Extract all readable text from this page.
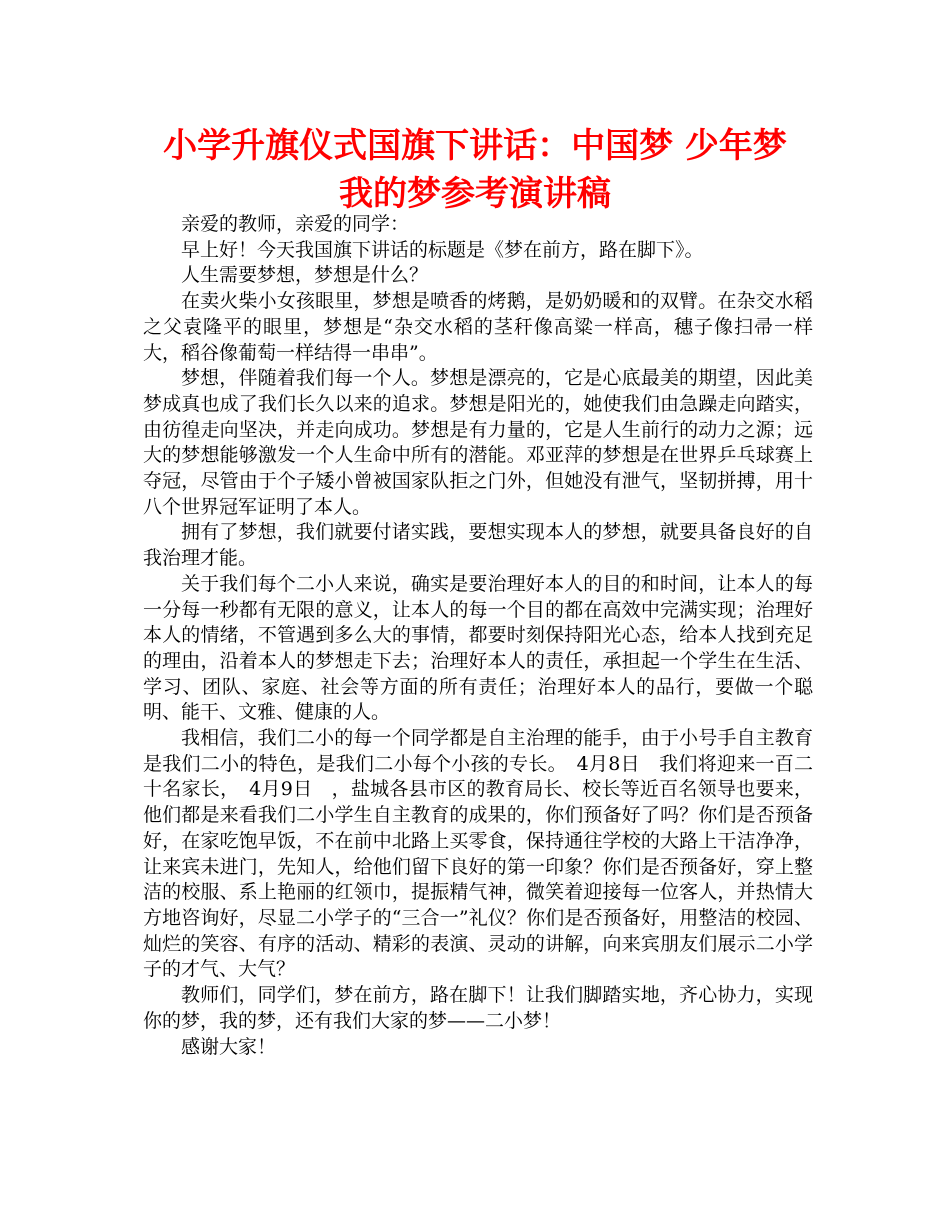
小学升旗仪式国旗下讲话：中国梦 少年梦
我的梦参考演讲稿

亲爱的教师，亲爱的同学：

早上好！今天我国旗下讲话的标题是《梦在前方，路在脚下》。

人生需要梦想，梦想是什么？

在卖火柴小女孩眼里，梦想是喷香的烤鹅，是奶奶暖和的双臂。在杂交水稻之父袁隆平的眼里，梦想是“杂交水稻的茎秆像高粱一样高，穗子像扫帚一样大，稻谷像葡萄一样结得一串串”。

梦想，伴随着我们每一个人。梦想是漂亮的，它是心底最美的期望，因此美梦成真也成了我们长久以来的追求。梦想是阳光的，她使我们由急躁走向踏实，由彷徨走向坚决，并走向成功。梦想是有力量的，它是人生前行的动力之源；远大的梦想能够激发一个人生命中所有的潜能。邓亚萍的梦想是在世界乒乓球赛上夺冠，尽管由于个子矮小曾被国家队拒之门外，但她没有泄气，坚韧拼搏，用十八个世界冠军证明了本人。

拥有了梦想，我们就要付诸实践，要想实现本人的梦想，就要具备良好的自我治理才能。

关于我们每个二小人来说，确实是要治理好本人的目的和时间，让本人的每一分每一秒都有无限的意义，让本人的每一个目的都在高效中完满实现；治理好本人的情绪，不管遇到多么大的事情，都要时刻保持阳光心态，给本人找到充足的理由，沿着本人的梦想走下去；治理好本人的责任，承担起一个学生在生活、学习、团队、家庭、社会等方面的所有责任；治理好本人的品行，要做一个聪明、能干、文雅、健康的人。

我相信，我们二小的每一个同学都是自主治理的能手，由于小号手自主教育是我们二小的特色，是我们二小每个小孩的专长。　4月8日　我们将迎来一百二十名家长，　4月9日　，盐城各县市区的教育局长、校长等近百名领导也要来，他们都是来看我们二小学生自主教育的成果的，你们预备好了吗？你们是否预备好，在家吃饱早饭，不在前中北路上买零食，保持通往学校的大路上干洁净净，让来宾未进门，先知人，给他们留下良好的第一印象？你们是否预备好，穿上整洁的校服、系上艳丽的红领巾，提振精气神，微笑着迎接每一位客人，并热情大方地咨询好，尽显二小学子的“三合一”礼仪？你们是否预备好，用整洁的校园、灿烂的笑容、有序的活动、精彩的表演、灵动的讲解，向来宾朋友们展示二小学子的才气、大气？

教师们，同学们，梦在前方，路在脚下！让我们脚踏实地，齐心协力，实现你的梦，我的梦，还有我们大家的梦——二小梦！

感谢大家！
